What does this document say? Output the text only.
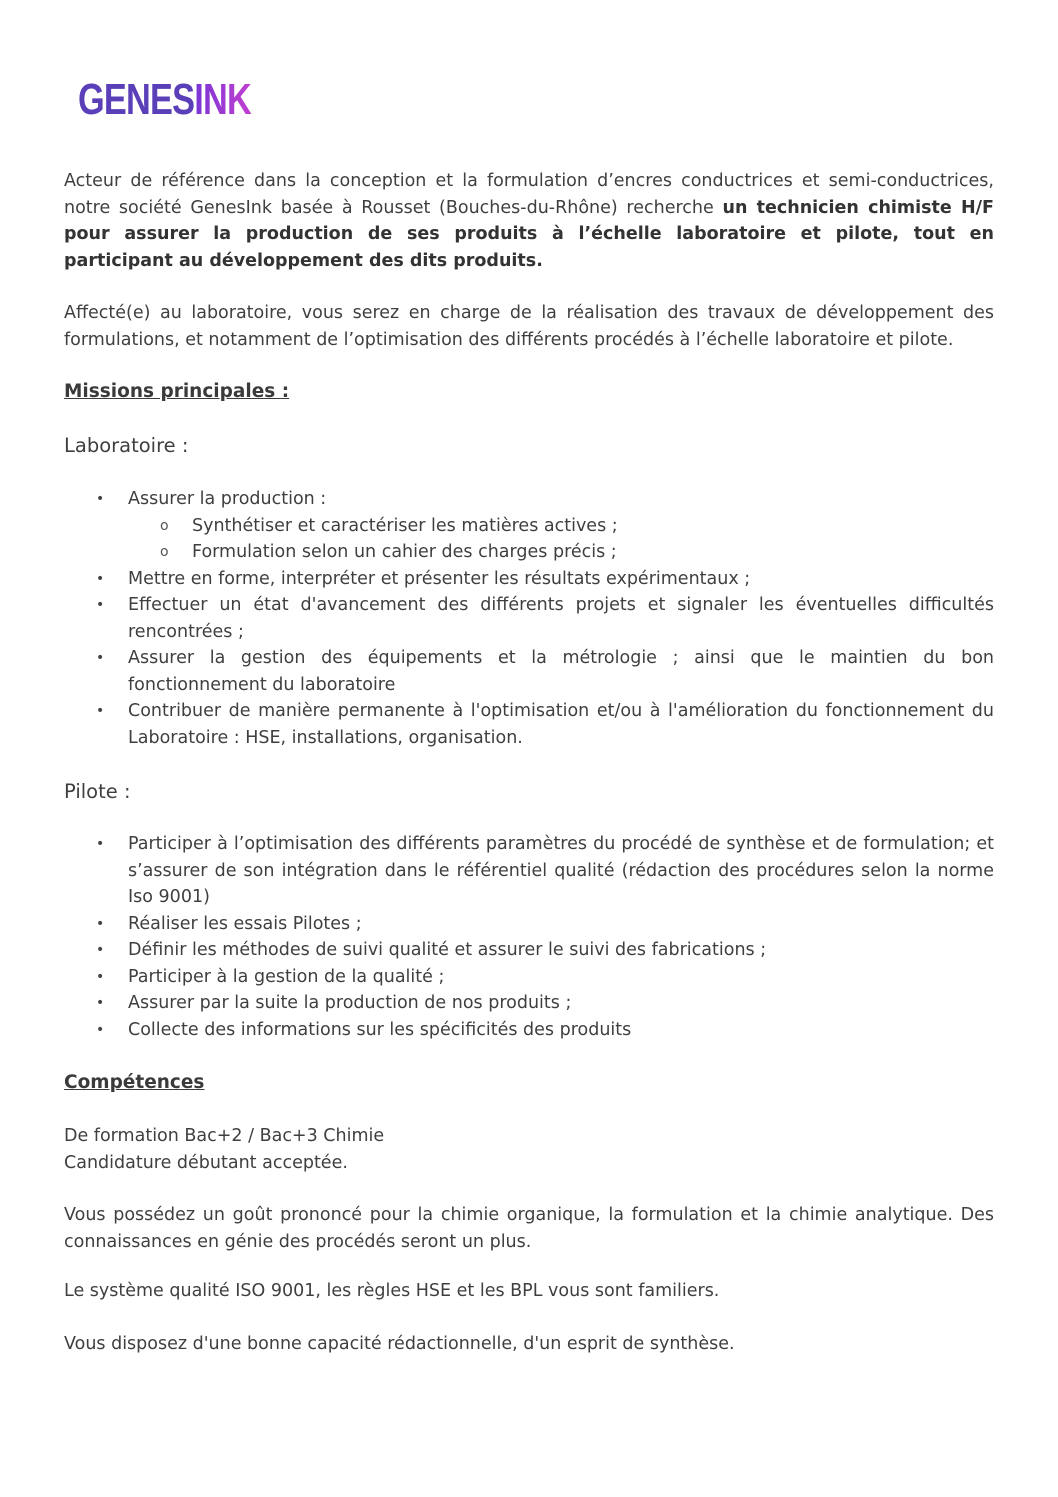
GENES INK

Acteur de référence dans la conception et la formulation d’encres conductrices et semi-conductrices, notre société GenesInk basée à Rousset (Bouches-du-Rhône) recherche un technicien chimiste H/F pour assurer la production de ses produits à l’échelle laboratoire et pilote, tout en participant au développement des dits produits.

Affecté(e) au laboratoire, vous serez en charge de la réalisation des travaux de développement des formulations, et notamment de l’optimisation des différents procédés à l’échelle laboratoire et pilote.

Missions principales :
Laboratoire :
• Assurer la production :
o Synthétiser et caractériser les matières actives ;
o Formulation selon un cahier des charges précis ;
• Mettre en forme, interpréter et présenter les résultats expérimentaux ;
• Effectuer un état d'avancement des différents projets et signaler les éventuelles difficultés rencontrées ;
• Assurer la gestion des équipements et la métrologie ; ainsi que le maintien du bon fonctionnement du laboratoire
• Contribuer de manière permanente à l'optimisation et/ou à l'amélioration du fonctionnement du Laboratoire : HSE, installations, organisation.
Pilote :
• Participer à l’optimisation des différents paramètres du procédé de synthèse et de formulation; et s’assurer de son intégration dans le référentiel qualité (rédaction des procédures selon la norme Iso 9001)
• Réaliser les essais Pilotes ;
• Définir les méthodes de suivi qualité et assurer le suivi des fabrications ;
• Participer à la gestion de la qualité ;
• Assurer par la suite la production de nos produits ;
• Collecte des informations sur les spécificités des produits
Compétences

De formation Bac+2 / Bac+3 Chimie

Candidature débutant acceptée.

Vous possédez un goût prononcé pour la chimie organique, la formulation et la chimie analytique. Des connaissances en génie des procédés seront un plus.

Le système qualité ISO 9001, les règles HSE et les BPL vous sont familiers.

Vous disposez d'une bonne capacité rédactionnelle, d'un esprit de synthèse.
